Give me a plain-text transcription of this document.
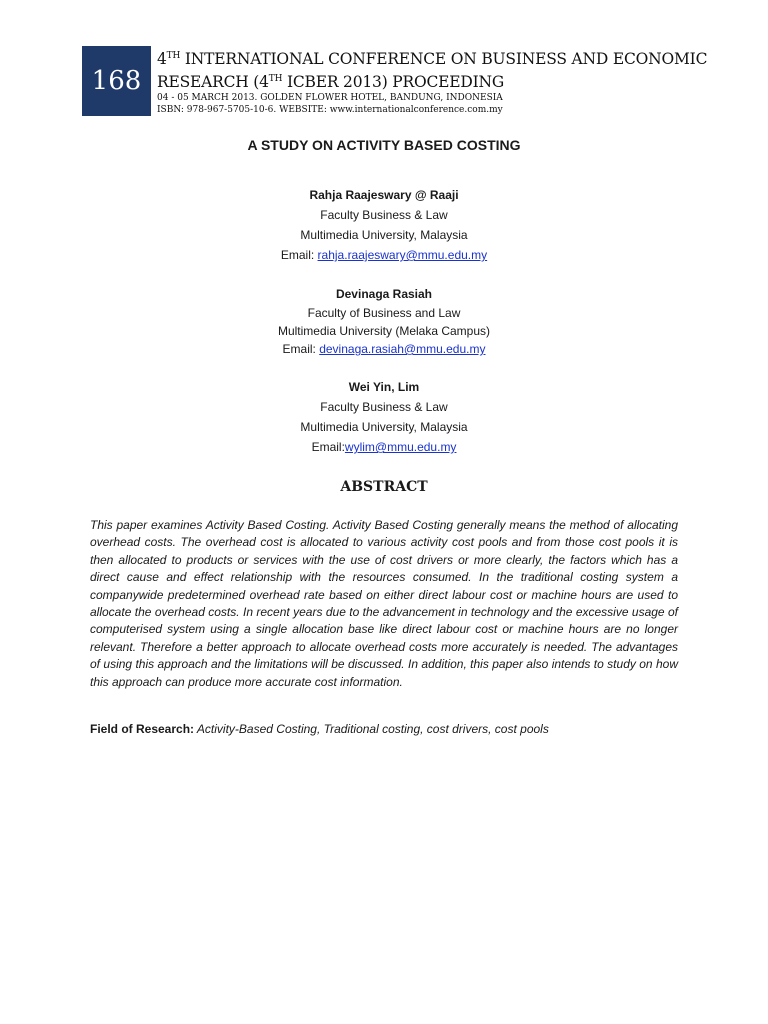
168
4TH INTERNATIONAL CONFERENCE ON BUSINESS AND ECONOMIC
RESEARCH (4TH ICBER 2013) PROCEEDING
04 - 05 MARCH 2013. GOLDEN FLOWER HOTEL, BANDUNG, INDONESIA
ISBN: 978-967-5705-10-6. WEBSITE: www.internationalconference.com.my
A STUDY ON ACTIVITY BASED COSTING
Rahja Raajeswary @ Raaji
Faculty Business & Law
Multimedia University, Malaysia
Email: rahja.raajeswary@mmu.edu.my
Devinaga Rasiah
Faculty of Business and Law
Multimedia University (Melaka Campus)
Email: devinaga.rasiah@mmu.edu.my
Wei Yin, Lim
Faculty Business & Law
Multimedia University, Malaysia
Email:wylim@mmu.edu.my
ABSTRACT
This paper examines Activity Based Costing. Activity Based Costing generally means the method of allocating overhead costs. The overhead cost is allocated to various activity cost pools and from those cost pools it is then allocated to products or services with the use of cost drivers or more clearly, the factors which has a direct cause and effect relationship with the resources consumed. In the traditional costing system a companywide predetermined overhead rate based on either direct labour cost or machine hours are used to allocate the overhead costs. In recent years due to the advancement in technology and the excessive usage of computerised system using a single allocation base like direct labour cost or machine hours are no longer relevant. Therefore a better approach to allocate overhead costs more accurately is needed. The advantages of using this approach and the limitations will be discussed. In addition, this paper also intends to study on how this approach can produce more accurate cost information.
Field of Research: Activity-Based Costing, Traditional costing, cost drivers, cost pools
